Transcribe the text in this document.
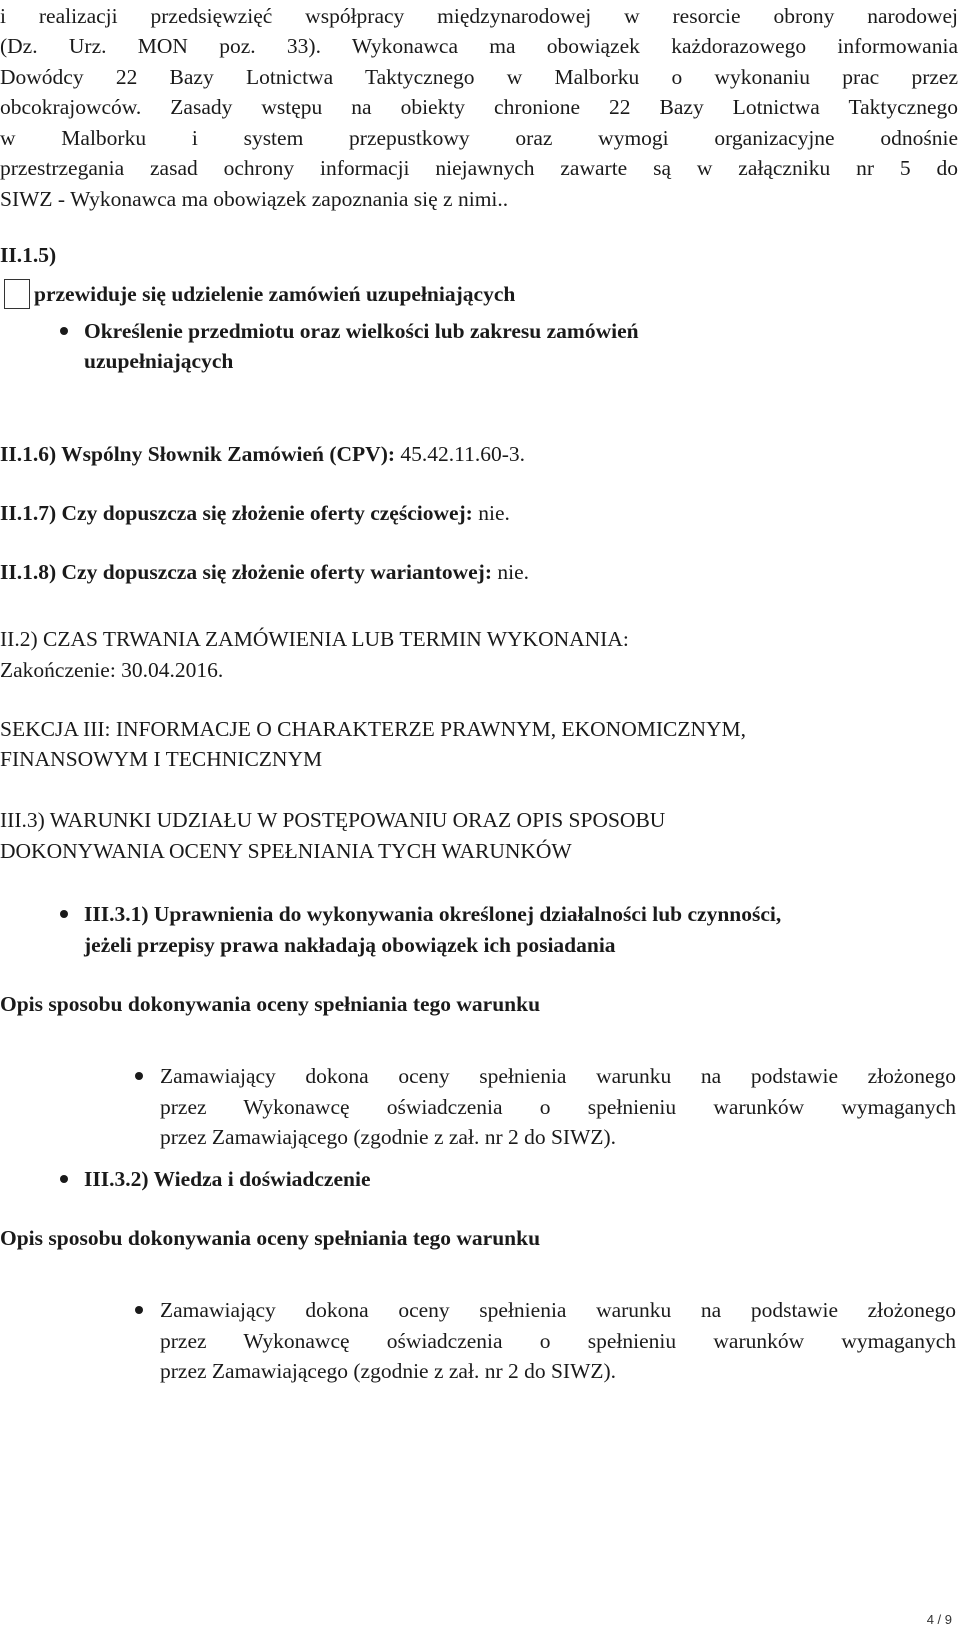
i realizacji przedsięwzięć współpracy międzynarodowej w resorcie obrony narodowej
(Dz. Urz. MON poz. 33). Wykonawca ma obowiązek każdorazowego informowania
Dowódcy 22 Bazy Lotnictwa Taktycznego w Malborku o wykonaniu prac przez
obcokrajowców. Zasady wstępu na obiekty chronione 22 Bazy Lotnictwa Taktycznego
w Malborku i system przepustkowy oraz wymogi organizacyjne odnośnie
przestrzegania zasad ochrony informacji niejawnych zawarte są w załączniku nr 5 do
SIWZ - Wykonawca ma obowiązek zapoznania się z nimi..
II.1.5)
przewiduje się udzielenie zamówień uzupełniających
Określenie przedmiotu oraz wielkości lub zakresu zamówień
uzupełniających
II.1.6) Wspólny Słownik Zamówień (CPV): 45.42.11.60-3.
II.1.7) Czy dopuszcza się złożenie oferty częściowej: nie.
II.1.8) Czy dopuszcza się złożenie oferty wariantowej: nie.
II.2) CZAS TRWANIA ZAMÓWIENIA LUB TERMIN WYKONANIA:
Zakończenie: 30.04.2016.
SEKCJA III: INFORMACJE O CHARAKTERZE PRAWNYM, EKONOMICZNYM,
FINANSOWYM I TECHNICZNYM
III.3) WARUNKI UDZIAŁU W POSTĘPOWANIU ORAZ OPIS SPOSOBU
DOKONYWANIA OCENY SPEŁNIANIA TYCH WARUNKÓW
III.3.1) Uprawnienia do wykonywania określonej działalności lub czynności,
jeżeli przepisy prawa nakładają obowiązek ich posiadania
Opis sposobu dokonywania oceny spełniania tego warunku
Zamawiający dokona oceny spełnienia warunku na podstawie złożonego
przez Wykonawcę oświadczenia o spełnieniu warunków wymaganych
przez Zamawiającego (zgodnie z zał. nr 2 do SIWZ).
III.3.2) Wiedza i doświadczenie
Opis sposobu dokonywania oceny spełniania tego warunku
Zamawiający dokona oceny spełnienia warunku na podstawie złożonego
przez Wykonawcę oświadczenia o spełnieniu warunków wymaganych
przez Zamawiającego (zgodnie z zał. nr 2 do SIWZ).
4 / 9
